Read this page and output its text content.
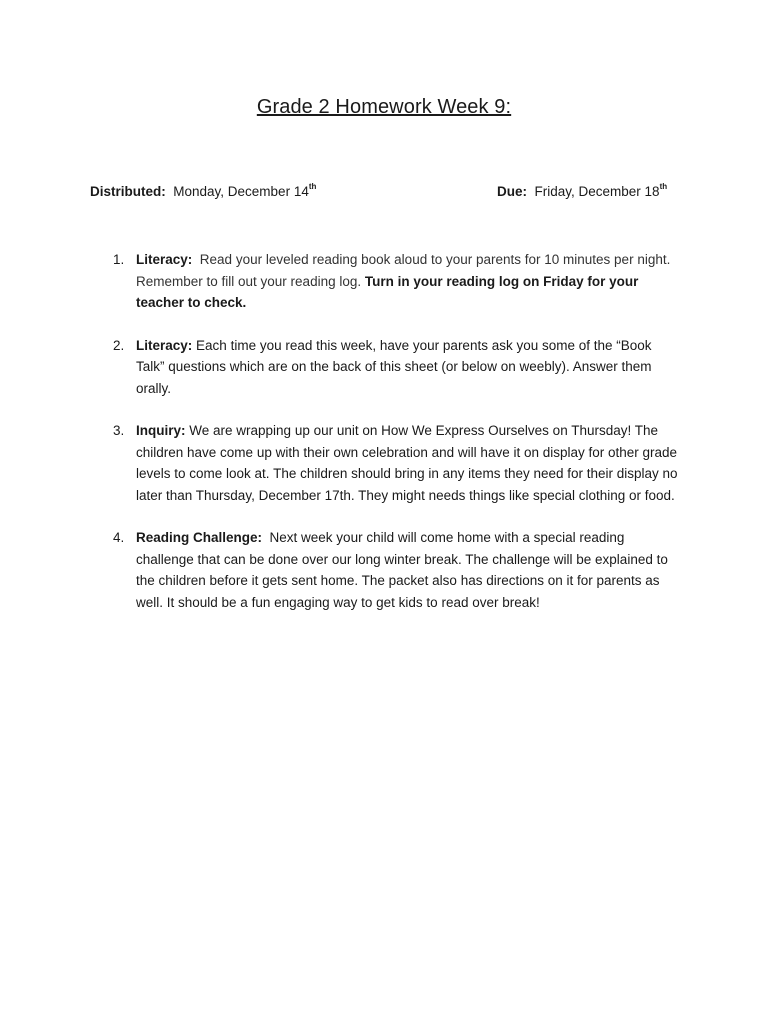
Grade 2 Homework Week 9:
Distributed: Monday, December 14th	Due: Friday, December 18th
1. Literacy: Read your leveled reading book aloud to your parents for 10 minutes per night. Remember to fill out your reading log. Turn in your reading log on Friday for your teacher to check.
2. Literacy: Each time you read this week, have your parents ask you some of the “Book Talk” questions which are on the back of this sheet (or below on weebly). Answer them orally.
3. Inquiry: We are wrapping up our unit on How We Express Ourselves on Thursday! The children have come up with their own celebration and will have it on display for other grade levels to come look at. The children should bring in any items they need for their display no later than Thursday, December 17th. They might needs things like special clothing or food.
4. Reading Challenge: Next week your child will come home with a special reading challenge that can be done over our long winter break. The challenge will be explained to the children before it gets sent home. The packet also has directions on it for parents as well. It should be a fun engaging way to get kids to read over break!
